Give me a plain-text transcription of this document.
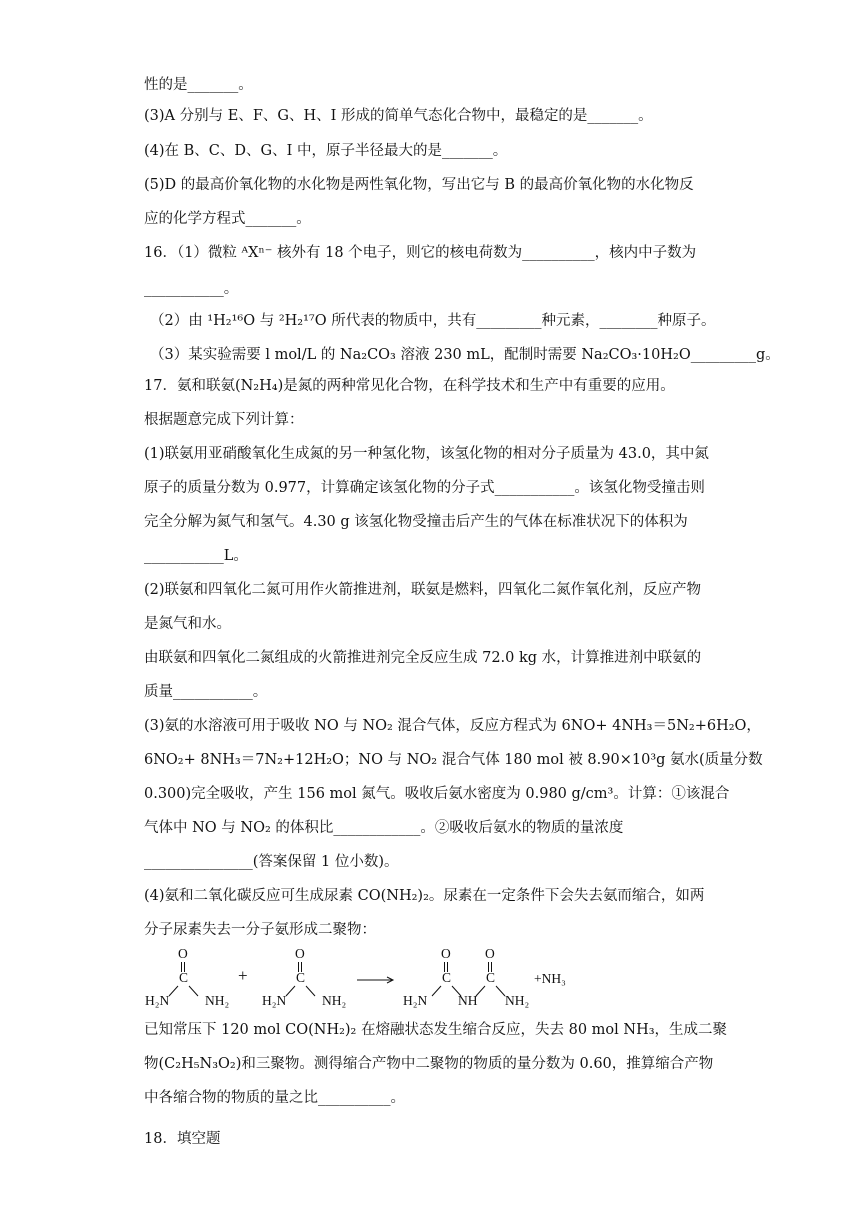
性的是_______。
(3)A 分别与 E、F、G、H、I 形成的简单气态化合物中，最稳定的是_______。
(4)在 B、C、D、G、I 中，原子半径最大的是_______。
(5)D 的最高价氧化物的水化物是两性氧化物，写出它与 B 的最高价氧化物的水化物反
应的化学方程式_______。
16．（1）微粒 ᴬXⁿ⁻ 核外有 18 个电子，则它的核电荷数为__________，核内中子数为
___________。
（2）由 ¹H₂¹⁶O 与 ²H₂¹⁷O 所代表的物质中，共有_________种元素，________种原子。
（3）某实验需要 l mol/L 的 Na₂CO₃ 溶液 230 mL，配制时需要 Na₂CO₃·10H₂O_________g。
17．氨和联氨(N₂H₄)是氮的两种常见化合物，在科学技术和生产中有重要的应用。
根据题意完成下列计算：
(1)联氨用亚硝酸氧化生成氮的另一种氢化物，该氢化物的相对分子质量为 43.0，其中氮
原子的质量分数为 0.977，计算确定该氢化物的分子式___________。该氢化物受撞击则
完全分解为氮气和氢气。4.30 g 该氢化物受撞击后产生的气体在标准状况下的体积为
___________L。
(2)联氨和四氧化二氮可用作火箭推进剂，联氨是燃料，四氧化二氮作氧化剂，反应产物
是氮气和水。
由联氨和四氧化二氮组成的火箭推进剂完全反应生成 72.0 kg 水，计算推进剂中联氨的
质量___________。
(3)氨的水溶液可用于吸收 NO 与 NO₂ 混合气体，反应方程式为 6NO+ 4NH₃＝5N₂+6H₂O，
6NO₂+ 8NH₃＝7N₂+12H₂O；NO 与 NO₂ 混合气体 180 mol 被 8.90×10³g 氨水(质量分数
0.300)完全吸收，产生 156 mol 氮气。吸收后氨水密度为 0.980 g/cm³。计算：①该混合
气体中 NO 与 NO₂ 的体积比____________。②吸收后氨水的物质的量浓度
_______________(答案保留 1 位小数)。
(4)氨和二氧化碳反应可生成尿素 CO(NH₂)₂。尿素在一定条件下会失去氨而缩合，如两
分子尿素失去一分子氨形成二聚物：
已知常压下 120 mol CO(NH₂)₂ 在熔融状态发生缩合反应，失去 80 mol NH₃，生成二聚
物(C₂H₅N₃O₂)和三聚物。测得缩合产物中二聚物的物质的量分数为 0.60，推算缩合产物
中各缩合物的物质的量之比__________。
18．填空题
O
C
H₂N	NH₂
+
O
C
H₂N	NH₂
O
C
O
C
H₂N NH NH₂
+NH₃
